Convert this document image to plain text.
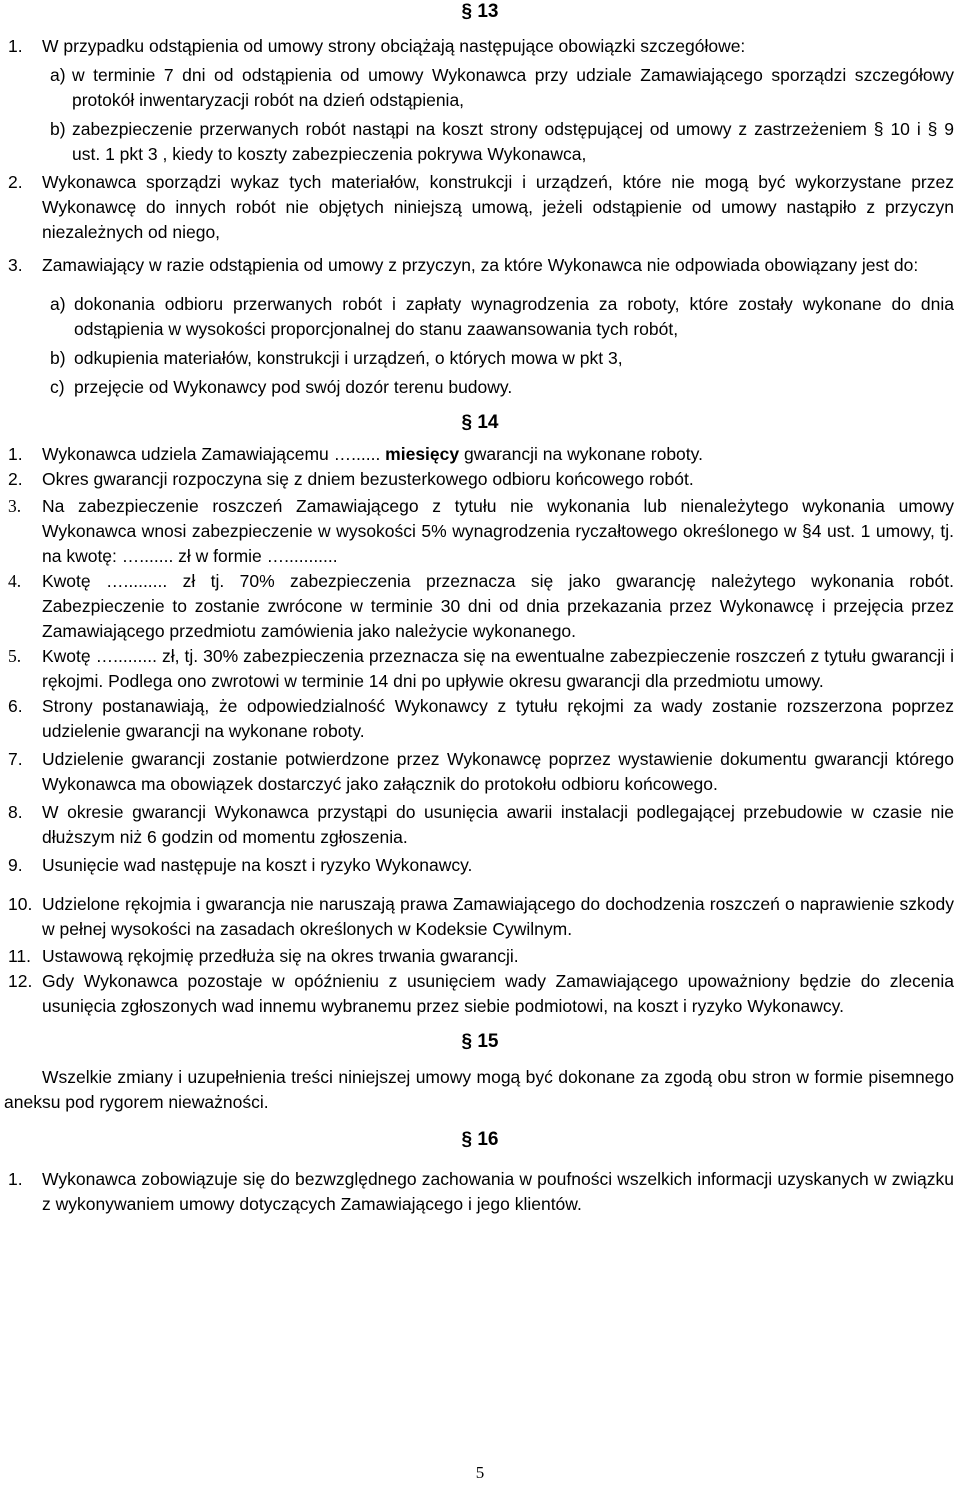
§ 13

1.	W przypadku odstąpienia od umowy strony obciążają następujące obowiązki szczegółowe:
a) w terminie 7 dni od odstąpienia od umowy Wykonawca przy udziale Zamawiającego sporządzi szczegółowy protokół inwentaryzacji robót na dzień odstąpienia,
b) zabezpieczenie przerwanych robót nastąpi na koszt strony odstępującej od umowy z zastrzeżeniem § 10 i § 9 ust. 1 pkt 3 , kiedy to koszty zabezpieczenia pokrywa Wykonawca,
2.	Wykonawca sporządzi wykaz tych materiałów, konstrukcji i urządzeń, które nie mogą być wykorzystane przez Wykonawcę do innych robót nie objętych niniejszą umową, jeżeli odstąpienie od umowy nastąpiło z przyczyn niezależnych od niego,
3.	Zamawiający w razie odstąpienia od umowy z przyczyn, za które Wykonawca nie odpowiada obowiązany jest do:
a) dokonania odbioru przerwanych robót i zapłaty wynagrodzenia za roboty, które zostały wykonane do dnia odstąpienia w wysokości proporcjonalnej do stanu zaawansowania tych robót,
b) odkupienia materiałów, konstrukcji i urządzeń, o których mowa w pkt 3,
c) przejęcie od Wykonawcy pod swój dozór terenu budowy.

§ 14

1.	Wykonawca udziela Zamawiającemu …...... miesięcy gwarancji na wykonane roboty.
2.	Okres gwarancji rozpoczyna się z dniem bezusterkowego odbioru końcowego robót.
3.	Na zabezpieczenie roszczeń Zamawiającego z tytułu nie wykonania lub nienależytego wykonania umowy Wykonawca wnosi zabezpieczenie w wysokości 5% wynagrodzenia ryczałtowego określonego w §4 ust. 1 umowy, tj. na kwotę: …....... zł w formie …...........
4.	Kwotę …......... zł tj. 70% zabezpieczenia przeznacza się jako gwarancję należytego wykonania robót. Zabezpieczenie to zostanie zwrócone w terminie 30 dni od dnia przekazania przez Wykonawcę i przejęcia przez Zamawiającego przedmiotu zamówienia jako należycie wykonanego.
5.	Kwotę …......... zł, tj. 30% zabezpieczenia przeznacza się na ewentualne zabezpieczenie roszczeń z tytułu gwarancji i rękojmi. Podlega ono zwrotowi w terminie 14 dni po upływie okresu gwarancji dla przedmiotu umowy.
6.	Strony postanawiają, że odpowiedzialność Wykonawcy z tytułu rękojmi za wady zostanie rozszerzona poprzez udzielenie gwarancji na wykonane roboty.
7.	Udzielenie gwarancji zostanie potwierdzone przez Wykonawcę poprzez wystawienie dokumentu gwarancji którego Wykonawca ma obowiązek dostarczyć jako załącznik do protokołu odbioru końcowego.
8.	W okresie gwarancji Wykonawca przystąpi do usunięcia awarii instalacji podlegającej przebudowie w czasie nie dłuższym niż 6 godzin od momentu zgłoszenia.
9.	Usunięcie wad następuje na koszt i ryzyko Wykonawcy.
10. Udzielone rękojmia i gwarancja nie naruszają prawa Zamawiającego do dochodzenia roszczeń o naprawienie szkody w pełnej wysokości na zasadach określonych w Kodeksie Cywilnym.
11. Ustawową rękojmię przedłuża się na okres trwania gwarancji.
12. Gdy Wykonawca pozostaje w opóźnieniu z usunięciem wady Zamawiającego upoważniony będzie do zlecenia usunięcia zgłoszonych wad innemu wybranemu przez siebie podmiotowi, na koszt i ryzyko Wykonawcy.

§ 15

Wszelkie zmiany i uzupełnienia treści niniejszej umowy mogą być dokonane za zgodą obu stron w formie pisemnego aneksu pod rygorem nieważności.

§ 16

1.	Wykonawca zobowiązuje się do bezwzględnego zachowania w poufności wszelkich informacji uzyskanych w związku z wykonywaniem umowy dotyczących Zamawiającego i jego klientów.
5
